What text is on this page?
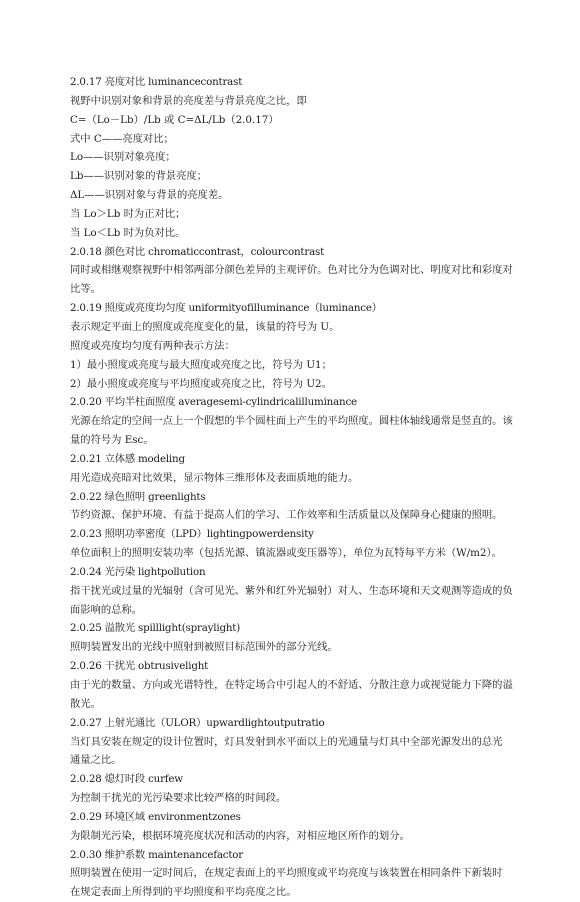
2.0.17 亮度对比 luminancecontrast
视野中识别对象和背景的亮度差与背景亮度之比，即
C=（Lo－Lb）/Lb 或 C=ΔL/Lb（2.0.17）
式中 C——亮度对比；
Lo——识别对象亮度；
Lb——识别对象的背景亮度；
ΔL——识别对象与背景的亮度差。
当 Lo＞Lb 时为正对比；
当 Lo＜Lb 时为负对比。
2.0.18 颜色对比 chromaticcontrast，colourcontrast
同时或相继观察视野中相邻两部分颜色差异的主观评价。色对比分为色调对比、明度对比和彩度对
比等。
2.0.19 照度或亮度均匀度 uniformityofilluminance（luminance）
表示规定平面上的照度或亮度变化的量，该量的符号为 U。
照度或亮度均匀度有两种表示方法：
1）最小照度或亮度与最大照度或亮度之比，符号为 U1；
2）最小照度或亮度与平均照度或亮度之比，符号为 U2。
2.0.20 平均半柱面照度 averagesemi-cylindricalilluminance
光源在给定的空间一点上一个假想的半个圆柱面上产生的平均照度。圆柱体轴线通常是竖直的。该
量的符号为 Esc。
2.0.21 立体感 modeling
用光造成亮暗对比效果，显示物体三维形体及表面质地的能力。
2.0.22 绿色照明 greenlights
节约资源、保护环境、有益于提高人们的学习、工作效率和生活质量以及保障身心健康的照明。
2.0.23 照明功率密度（LPD）lightingpowerdensity
单位面积上的照明安装功率（包括光源、镇流器或变压器等），单位为瓦特每平方米（W/m2）。
2.0.24 光污染 lightpollution
指干扰光或过量的光辐射（含可见光、紫外和红外光辐射）对人、生态环境和天文观测等造成的负
面影响的总称。
2.0.25 溢散光 spilllight(spraylight)
照明装置发出的光线中照射到被照目标范围外的部分光线。
2.0.26 干扰光 obtrusivelight
由于光的数量、方向或光谱特性，在特定场合中引起人的不舒适、分散注意力或视觉能力下降的溢
散光。
2.0.27 上射光通比（ULOR）upwardlightoutputratio
当灯具安装在规定的设计位置时，灯具发射到水平面以上的光通量与灯具中全部光源发出的总光
通量之比。
2.0.28 熄灯时段 curfew
为控制干扰光的光污染要求比较严格的时间段。
2.0.29 环境区域 environmentzones
为限制光污染，根据环境亮度状况和活动的内容，对相应地区所作的划分。
2.0.30 维护系数 maintenancefactor
照明装置在使用一定时间后，在规定表面上的平均照度或平均亮度与该装置在相同条件下新装时
在规定表面上所得到的平均照度和平均亮度之比。
